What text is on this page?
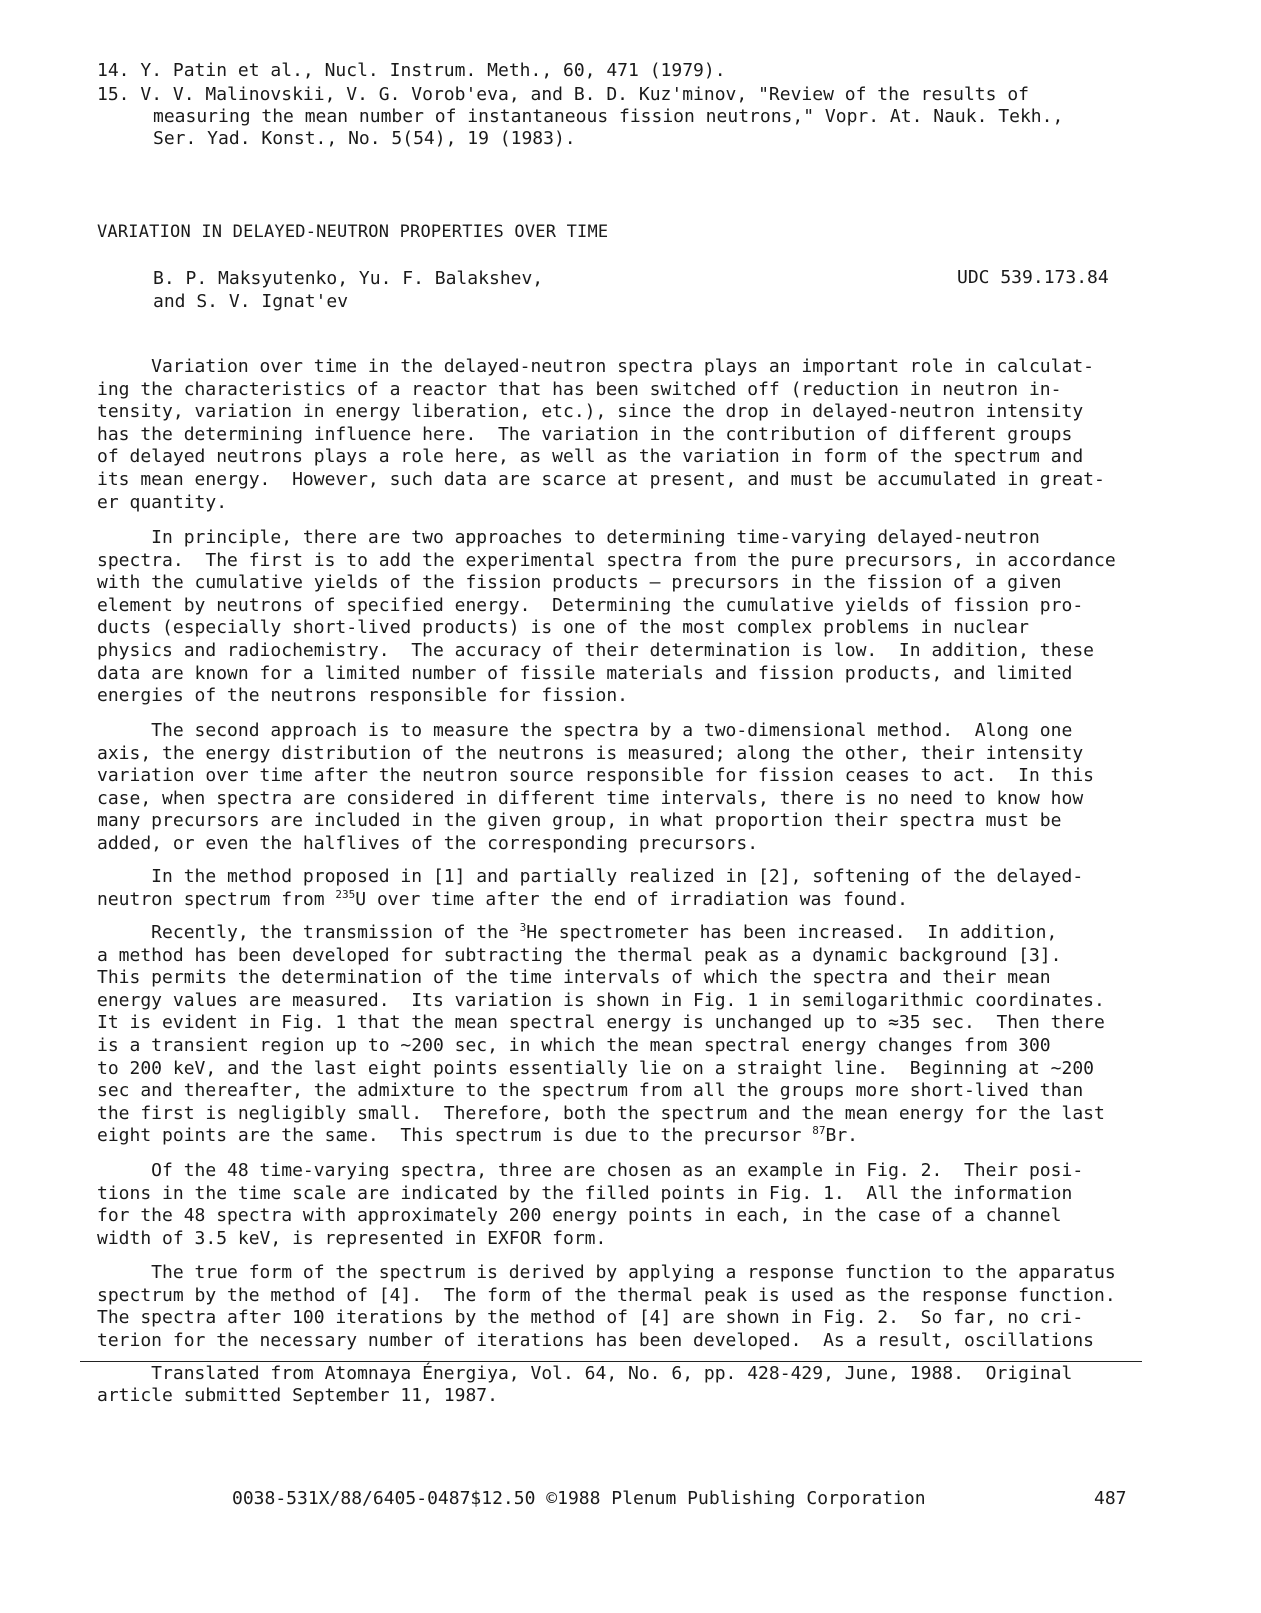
14. Y. Patin et al., Nucl. Instrum. Meth., 60, 471 (1979).
15. V. V. Malinovskii, V. G. Vorob'eva, and B. D. Kuz'minov, "Review of the results of
measuring the mean number of instantaneous fission neutrons," Vopr. At. Nauk. Tekh.,
Ser. Yad. Konst., No. 5(54), 19 (1983).
VARIATION IN DELAYED-NEUTRON PROPERTIES OVER TIME
B. P. Maksyutenko, Yu. F. Balakshev,
and S. V. Ignat'ev
UDC 539.173.84

Variation over time in the delayed-neutron spectra plays an important role in calculat-

ing the characteristics of a reactor that has been switched off (reduction in neutron in-

tensity, variation in energy liberation, etc.), since the drop in delayed-neutron intensity

has the determining influence here.  The variation in the contribution of different groups

of delayed neutrons plays a role here, as well as the variation in form of the spectrum and

its mean energy.  However, such data are scarce at present, and must be accumulated in great-

er quantity.

In principle, there are two approaches to determining time-varying delayed-neutron

spectra.  The first is to add the experimental spectra from the pure precursors, in accordance

with the cumulative yields of the fission products — precursors in the fission of a given

element by neutrons of specified energy.  Determining the cumulative yields of fission pro-

ducts (especially short-lived products) is one of the most complex problems in nuclear

physics and radiochemistry.  The accuracy of their determination is low.  In addition, these

data are known for a limited number of fissile materials and fission products, and limited

energies of the neutrons responsible for fission.

The second approach is to measure the spectra by a two-dimensional method.  Along one

axis, the energy distribution of the neutrons is measured; along the other, their intensity

variation over time after the neutron source responsible for fission ceases to act.  In this

case, when spectra are considered in different time intervals, there is no need to know how

many precursors are included in the given group, in what proportion their spectra must be

added, or even the halflives of the corresponding precursors.

In the method proposed in [1] and partially realized in [2], softening of the delayed-

neutron spectrum from $^{235}$U over time after the end of irradiation was found.

Recently, the transmission of the $^3$He spectrometer has been increased.  In addition,

a method has been developed for subtracting the thermal peak as a dynamic background [3].

This permits the determination of the time intervals of which the spectra and their mean

energy values are measured.  Its variation is shown in Fig. 1 in semilogarithmic coordinates.

It is evident in Fig. 1 that the mean spectral energy is unchanged up to ≈35 sec.  Then there

is a transient region up to ~200 sec, in which the mean spectral energy changes from 300

to 200 keV, and the last eight points essentially lie on a straight line.  Beginning at ~200

sec and thereafter, the admixture to the spectrum from all the groups more short-lived than

the first is negligibly small.  Therefore, both the spectrum and the mean energy for the last

eight points are the same.  This spectrum is due to the precursor $^{87}$Br.

Of the 48 time-varying spectra, three are chosen as an example in Fig. 2.  Their posi-

tions in the time scale are indicated by the filled points in Fig. 1.  All the information

for the 48 spectra with approximately 200 energy points in each, in the case of a channel

width of 3.5 keV, is represented in EXFOR form.

The true form of the spectrum is derived by applying a response function to the apparatus

spectrum by the method of [4].  The form of the thermal peak is used as the response function.

The spectra after 100 iterations by the method of [4] are shown in Fig. 2.  So far, no cri-

terion for the necessary number of iterations has been developed.  As a result, oscillations

Translated from Atomnaya Énergiya, Vol. 64, No. 6, pp. 428-429, June, 1988.  Original
article submitted September 11, 1987.
0038-531X/88/6405-0487$12.50 ©1988 Plenum Publishing Corporation	487
